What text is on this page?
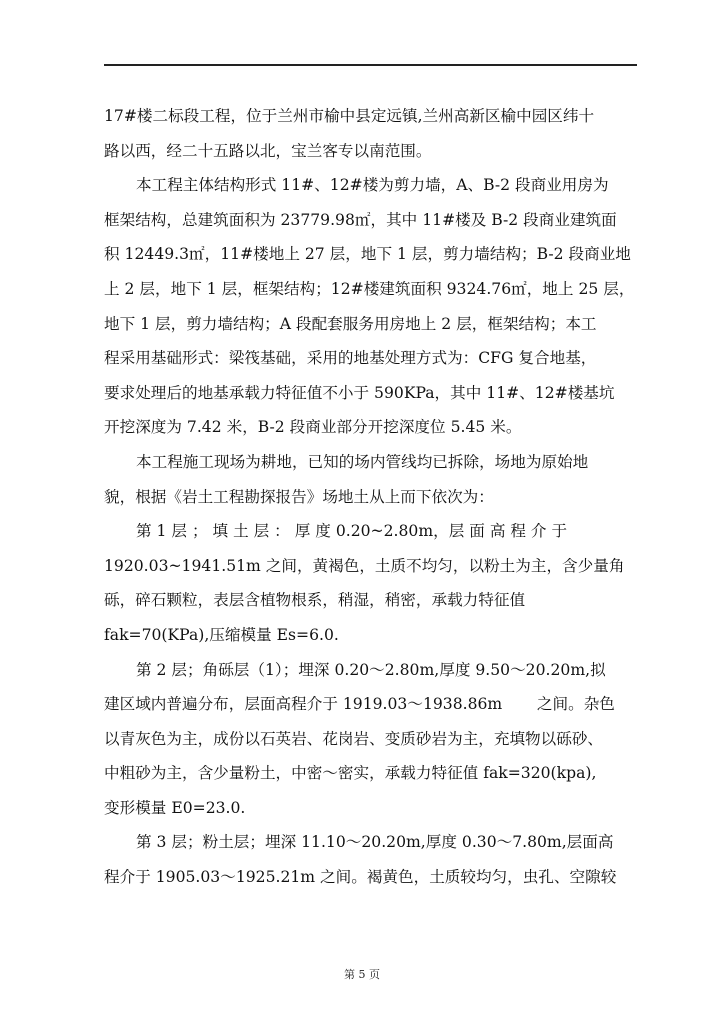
17#楼二标段工程，位于兰州市榆中县定远镇,兰州高新区榆中园区纬十
路以西，经二十五路以北，宝兰客专以南范围。

本工程主体结构形式 11#、12#楼为剪力墙，A、B-2 段商业用房为
框架结构，总建筑面积为 23779.98㎡，其中 11#楼及 B-2 段商业建筑面
积 12449.3㎡，11#楼地上 27 层，地下 1 层，剪力墙结构；B-2 段商业地
上 2 层，地下 1 层，框架结构；12#楼建筑面积 9324.76㎡，地上 25 层，
地下 1 层，剪力墙结构；A 段配套服务用房地上 2 层，框架结构；本工
程采用基础形式：梁筏基础，采用的地基处理方式为：CFG 复合地基，
要求处理后的地基承载力特征值不小于 590KPa，其中 11#、12#楼基坑
开挖深度为 7.42 米，B-2 段商业部分开挖深度位 5.45 米。

本工程施工现场为耕地，已知的场内管线均已拆除，场地为原始地
貌，根据《岩土工程勘探报告》场地土从上而下依次为：

第 1 层 ； 填 土 层 ： 厚 度 0.20~2.80m，层 面 高 程 介 于
1920.03~1941.51m 之间，黄褐色，土质不均匀，以粉土为主，含少量角
砾，碎石颗粒，表层含植物根系，稍湿，稍密，承载力特征值
fak=70(KPa),压缩模量 Es=6.0.

第 2 层；角砾层（1）；埋深 0.20～2.80m,厚度 9.50～20.20m,拟
建区域内普遍分布，层面高程介于 1919.03～1938.86m       之间。杂色
以青灰色为主，成份以石英岩、花岗岩、变质砂岩为主，充填物以砾砂、
中粗砂为主，含少量粉土，中密～密实，承载力特征值 fak=320(kpa),
变形模量 E0=23.0.

第 3 层；粉土层；埋深 11.10～20.20m,厚度 0.30～7.80m,层面高
程介于 1905.03～1925.21m 之间。褐黄色，土质较均匀，虫孔、空隙较

第 5 页
